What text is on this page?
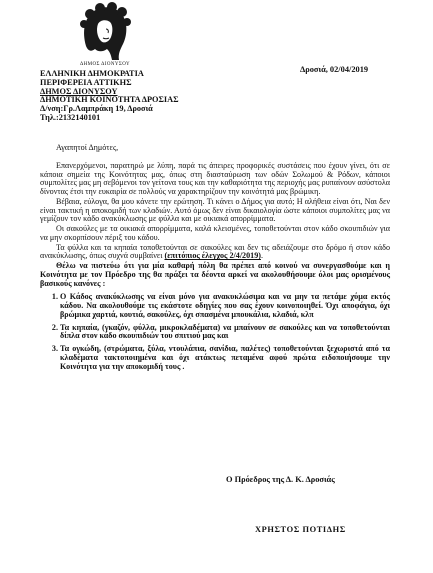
ΔΗΜΟΣ ΔΙΟΝΥΣΟΥ
Δροσιά, 02/04/2019
ΕΛΛΗΝΙΚΗ ΔΗΜΟΚΡΑΤΙΑ
ΠΕΡΙΦΕΡΕΙΑ ΑΤΤΙΚΗΣ
ΔΗΜΟΣ ΔΙΟΝΥΣΟΥ
ΔΗΜΟΤΙΚΗ ΚΟΙΝΟΤΗΤΑ ΔΡΟΣΙΑΣ
Δ/νση:Γρ.Λαμπράκη 19, Δροσιά
Τηλ.:2132140101
Αγαπητοί Δημότες,

Επανερχόμενοι, παρατηρώ με λύπη, παρά τις άπειρες προφορικές συστάσεις που έχουν γίνει, ότι σε κάποια σημεία της Κοινότητας μας, όπως στη διασταύρωση των οδών Σολωμού & Ρόδων, κάποιοι συμπολίτες μας μη σεβόμενοι τον γείτονα τους και την καθαριότητα της περιοχής μας ρυπαίνουν ασύστολα δίνοντας έτσι την ευκαιρία σε πολλούς να χαρακτηρίζουν την κοινότητά μας βρώμικη.

Βέβαια, εύλογα, θα μου κάνετε την ερώτηση. Τι κάνει ο Δήμος για αυτό; Η αλήθεια είναι ότι, Ναι δεν είναι τακτική η αποκομιδή των κλαδιών. Αυτό όμως δεν είναι δικαιολογία ώστε κάποιοι συμπολίτες μας να γεμίζουν τον κάδο ανακύκλωσης με φύλλα και με οικιακά απορρίμματα.

Οι σακούλες με τα οικιακά απορρίμματα, καλά κλεισμένες, τοποθετούνται στον κάδο σκουπιδιών για να μην σκορπίσουν πέριξ του κάδου.

Τα φύλλα και τα κηπαία τοποθετούνται σε σακούλες και δεν τις αδειάζουμε στο δρόμο ή στον κάδο ανακύκλωσης, όπως συχνά συμβαίνει (επιτόπιος έλεγχος 2/4/2019).

Θέλω να πιστεύω ότι για μία καθαρή πόλη θα πρέπει από κοινού να συνεργασθούμε και η Κοινότητα με τον Πρόεδρο της θα πράξει τα δέοντα αρκεί να ακολουθήσουμε όλοι μας ορισμένους βασικούς κανόνες :

1. Ο Κάδος ανακύκλωσης να είναι μόνο για ανακυκλώσιμα και να μην τα πετάμε χύμα εκτός κάδου. Να ακολουθούμε τις εκάστοτε οδηγίες που σας έχουν κοινοποιηθεί. Όχι αποφάγια, όχι βρώμικα χαρτιά, κουτιά, σακούλες, όχι σπασμένα μπουκάλια, κλαδιά, κλπ
2. Τα κηπαία, (γκαζόν, φύλλα, μικροκλαδέματα) να μπαίνουν σε σακούλες και να τοποθετούνται δίπλα στον κάδο σκουπιδιών του σπιτιού μας και
3. Τα ογκώδη, (στρώματα, ξύλα, ντουλάπια, σανίδια, παλέτες) τοποθετούνται ξεχωριστά από τα κλαδέματα τακτοποιημένα και όχι ατάκτως πεταμένα αφού πρώτα ειδοποιήσουμε την Κοινότητα για την αποκομιδή τους .
Ο Πρόεδρος της Δ. Κ. Δροσιάς
ΧΡΗΣΤΟΣ ΠΟΤΙΔΗΣ
